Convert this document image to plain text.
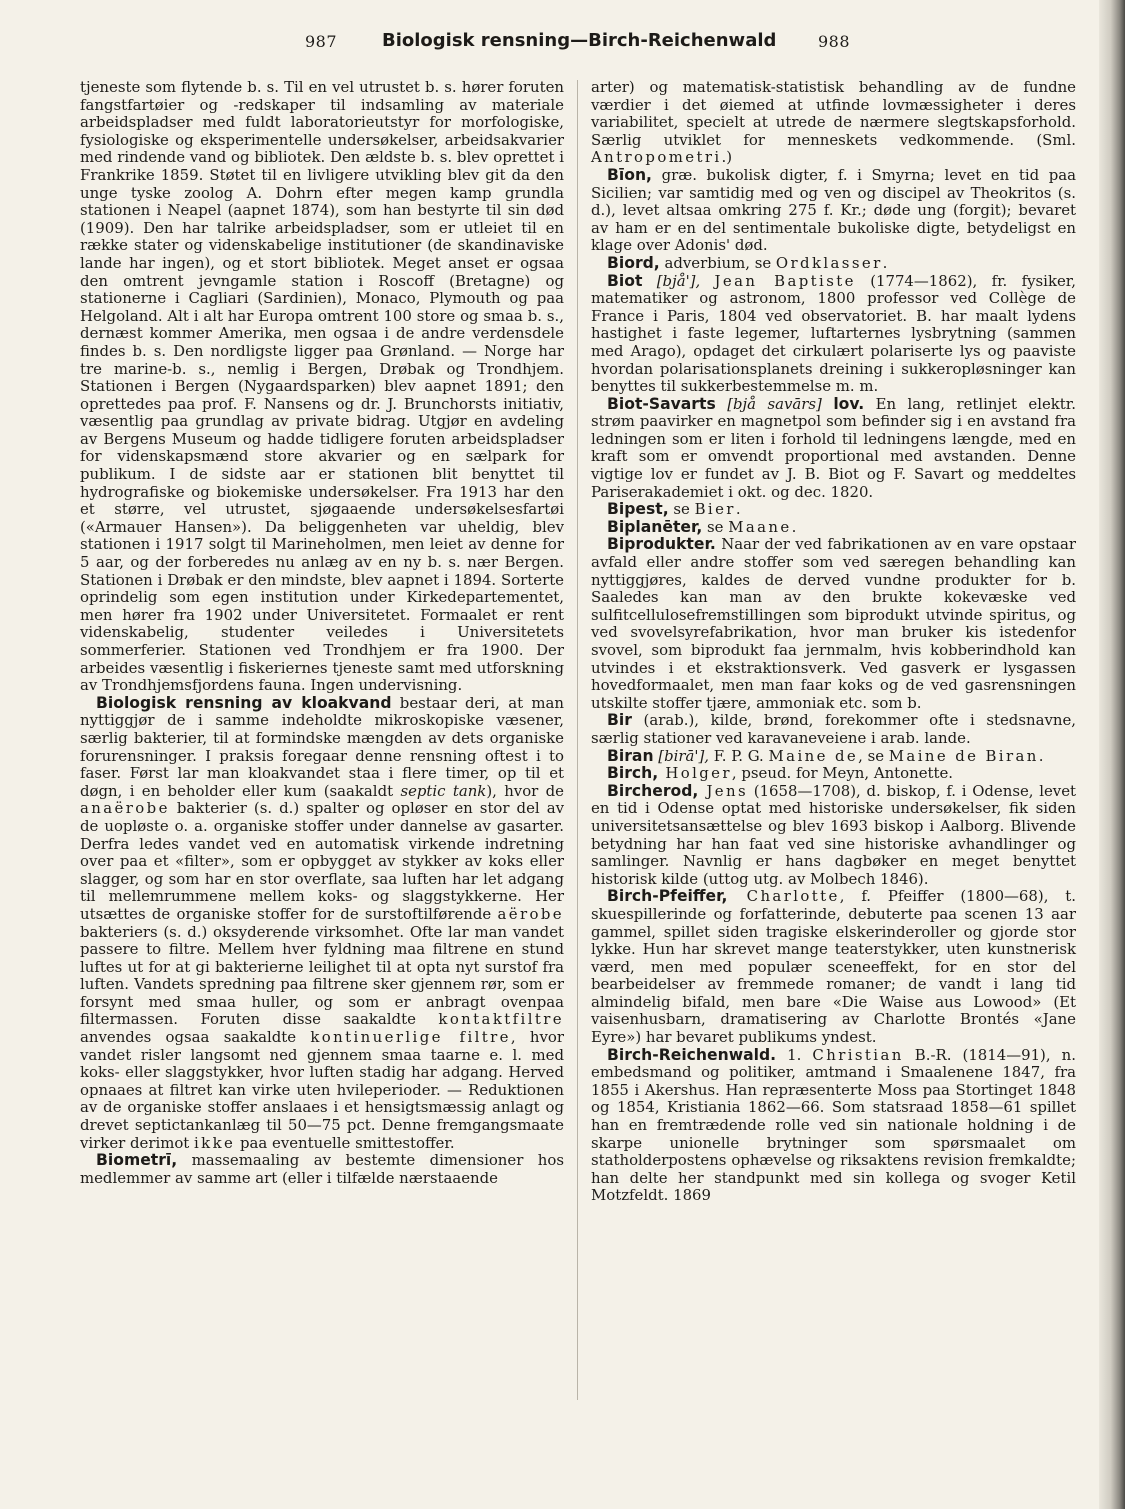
987 Biologisk rensning—Birch-Reichenwald	988

tjeneste som flytende b. s. Til en vel utrustet b. s. hører foruten fangstfartøier og -redskaper til indsamling av materiale arbeidspladser med fuldt laboratorieutstyr for morfologiske, fysiologiske og eksperimentelle undersøkelser, arbeidsakvarier med rindende vand og bibliotek. Den ældste b. s. blev oprettet i Frankrike 1859. Støtet til en livligere utvikling blev git da den unge tyske zoolog A. Dohrn efter megen kamp grundla stationen i Neapel (aapnet 1874), som han bestyrte til sin død (1909). Den har talrike arbeidspladser, som er utleiet til en række stater og videnskabelige institutioner (de skandinaviske lande har ingen), og et stort bibliotek. Meget anset er ogsaa den omtrent jevngamle station i Roscoff (Bretagne) og stationerne i Cagliari (Sardinien), Monaco, Plymouth og paa Helgoland. Alt i alt har Europa omtrent 100 store og smaa b. s., dernæst kommer Amerika, men ogsaa i de andre verdensdele findes b. s. Den nordligste ligger paa Grønland. — Norge har tre marine-b. s., nemlig i Bergen, Drøbak og Trondhjem. Stationen i Bergen (Nygaardsparken) blev aapnet 1891; den oprettedes paa prof. F. Nansens og dr. J. Brunchorsts initiativ, væsentlig paa grundlag av private bidrag. Utgjør en avdeling av Bergens Museum og hadde tidligere foruten arbeidspladser for videnskapsmænd store akvarier og en sælpark for publikum. I de sidste aar er stationen blit benyttet til hydrografiske og biokemiske undersøkelser. Fra 1913 har den et større, vel utrustet, sjøgaaende undersøkelsesfartøi («Armauer Hansen»). Da beliggenheten var uheldig, blev stationen i 1917 solgt til Marineholmen, men leiet av denne for 5 aar, og der forberedes nu anlæg av en ny b. s. nær Bergen. Stationen i Drøbak er den mindste, blev aapnet i 1894. Sorterte oprindelig som egen institution under Kirkedepartementet, men hører fra 1902 under Universitetet. Formaalet er rent videnskabelig, studenter veiledes i Universitetets sommerferier. Stationen ved Trondhjem er fra 1900. Der arbeides væsentlig i fiskeriernes tjeneste samt med utforskning av Trondhjemsfjordens fauna. Ingen undervisning.

Biologisk rensning av kloakvand bestaar deri, at man nyttiggjør de i samme indeholdte mikroskopiske væsener, særlig bakterier, til at formindske mængden av dets organiske forurensninger. I praksis foregaar denne rensning oftest i to faser. Først lar man kloakvandet staa i flere timer, op til et døgn, i en beholder eller kum (saakaldt septic tank), hvor de anaërobe bakterier (s. d.) spalter og opløser en stor del av de uopløste o. a. organiske stoffer under dannelse av gasarter. Derfra ledes vandet ved en automatisk virkende indretning over paa et «filter», som er opbygget av stykker av koks eller slagger, og som har en stor overflate, saa luften har let adgang til mellemrummene mellem koks- og slaggstykkerne. Her utsættes de organiske stoffer for de surstoftilførende aërobe bakteriers (s. d.) oksyderende virksomhet. Ofte lar man vandet passere to filtre. Mellem hver fyldning maa filtrene en stund luftes ut for at gi bakterierne leilighet til at opta nyt surstof fra luften. Vandets spredning paa filtrene sker gjennem rør, som er forsynt med smaa huller, og som er anbragt ovenpaa filtermassen. Foruten disse saakaldte kontaktfiltre anvendes ogsaa saakaldte kontinuerlige filtre, hvor vandet risler langsomt ned gjennem smaa taarne e. l. med koks- eller slaggstykker, hvor luften stadig har adgang. Herved opnaaes at filtret kan virke uten hvileperioder. — Reduktionen av de organiske stoffer anslaaes i et hensigtsmæssig anlagt og drevet septictankanlæg til 50—75 pct. Denne fremgangsmaate virker derimot ikke paa eventuelle smittestoffer.

Biometrī, massemaaling av bestemte dimensioner hos medlemmer av samme art (eller i tilfælde nærstaaende

arter) og matematisk-statistisk behandling av de fundne værdier i det øiemed at utfinde lovmæssigheter i deres variabilitet, specielt at utrede de nærmere slegtskapsforhold. Særlig utviklet for menneskets vedkommende. (Sml. Antropometri.)

Bīon, græ. bukolisk digter, f. i Smyrna; levet en tid paa Sicilien; var samtidig med og ven og discipel av Theokritos (s. d.), levet altsaa omkring 275 f. Kr.; døde ung (forgit); bevaret av ham er en del sentimentale bukoliske digte, betydeligst en klage over Adonis' død.

Biord, adverbium, se Ordklasser.

Biot [bjå'], Jean Baptiste (1774—1862), fr. fysiker, matematiker og astronom, 1800 professor ved Collège de France i Paris, 1804 ved observatoriet. B. har maalt lydens hastighet i faste legemer, luftarternes lysbrytning (sammen med Arago), opdaget det cirkulært polariserte lys og paaviste hvordan polarisationsplanets dreining i sukkeropløsninger kan benyttes til sukkerbestemmelse m. m.

Biot-Savarts [bjå savārs] lov. En lang, retlinjet elektr. strøm paavirker en magnetpol som befinder sig i en avstand fra ledningen som er liten i forhold til ledningens længde, med en kraft som er omvendt proportional med avstanden. Denne vigtige lov er fundet av J. B. Biot og F. Savart og meddeltes Pariserakademiet i okt. og dec. 1820.

Bipest, se Bier.

Biplanēter, se Maane.

Biprodukter. Naar der ved fabrikationen av en vare opstaar avfald eller andre stoffer som ved særegen behandling kan nyttiggjøres, kaldes de derved vundne produkter for b. Saaledes kan man av den brukte kokevæske ved sulfitcellulosefremstillingen som biprodukt utvinde spiritus, og ved svovelsyrefabrikation, hvor man bruker kis istedenfor svovel, som biprodukt faa jernmalm, hvis kobberindhold kan utvindes i et ekstraktionsverk. Ved gasverk er lysgassen hovedformaalet, men man faar koks og de ved gasrensningen utskilte stoffer tjære, ammoniak etc. som b.

Bir (arab.), kilde, brønd, forekommer ofte i stedsnavne, særlig stationer ved karavaneveiene i arab. lande.

Biran [birā'], F. P. G. Maine de, se Maine de Biran.

Birch, Holger, pseud. for Meyn, Antonette.

Bircherod, Jens (1658—1708), d. biskop, f. i Odense, levet en tid i Odense optat med historiske undersøkelser, fik siden universitetsansættelse og blev 1693 biskop i Aalborg. Blivende betydning har han faat ved sine historiske avhandlinger og samlinger. Navnlig er hans dagbøker en meget benyttet historisk kilde (uttog utg. av Molbech 1846).

Birch-Pfeiffer, Charlotte, f. Pfeiffer (1800—68), t. skuespillerinde og forfatterinde, debuterte paa scenen 13 aar gammel, spillet siden tragiske elskerinderoller og gjorde stor lykke. Hun har skrevet mange teaterstykker, uten kunstnerisk værd, men med populær sceneeffekt, for en stor del bearbeidelser av fremmede romaner; de vandt i lang tid almindelig bifald, men bare «Die Waise aus Lowood» (Et vaisenhusbarn, dramatisering av Charlotte Brontés «Jane Eyre») har bevaret publikums yndest.

Birch-Reichenwald. 1. Christian B.-R. (1814—91), n. embedsmand og politiker, amtmand i Smaalenene 1847, fra 1855 i Akershus. Han repræsenterte Moss paa Stortinget 1848 og 1854, Kristiania 1862—66. Som statsraad 1858—61 spillet han en fremtrædende rolle ved sin nationale holdning i de skarpe unionelle brytninger som spørsmaalet om statholderpostens ophævelse og riksaktens revision fremkaldte; han delte her standpunkt med sin kollega og svoger Ketil Motzfeldt. 1869
